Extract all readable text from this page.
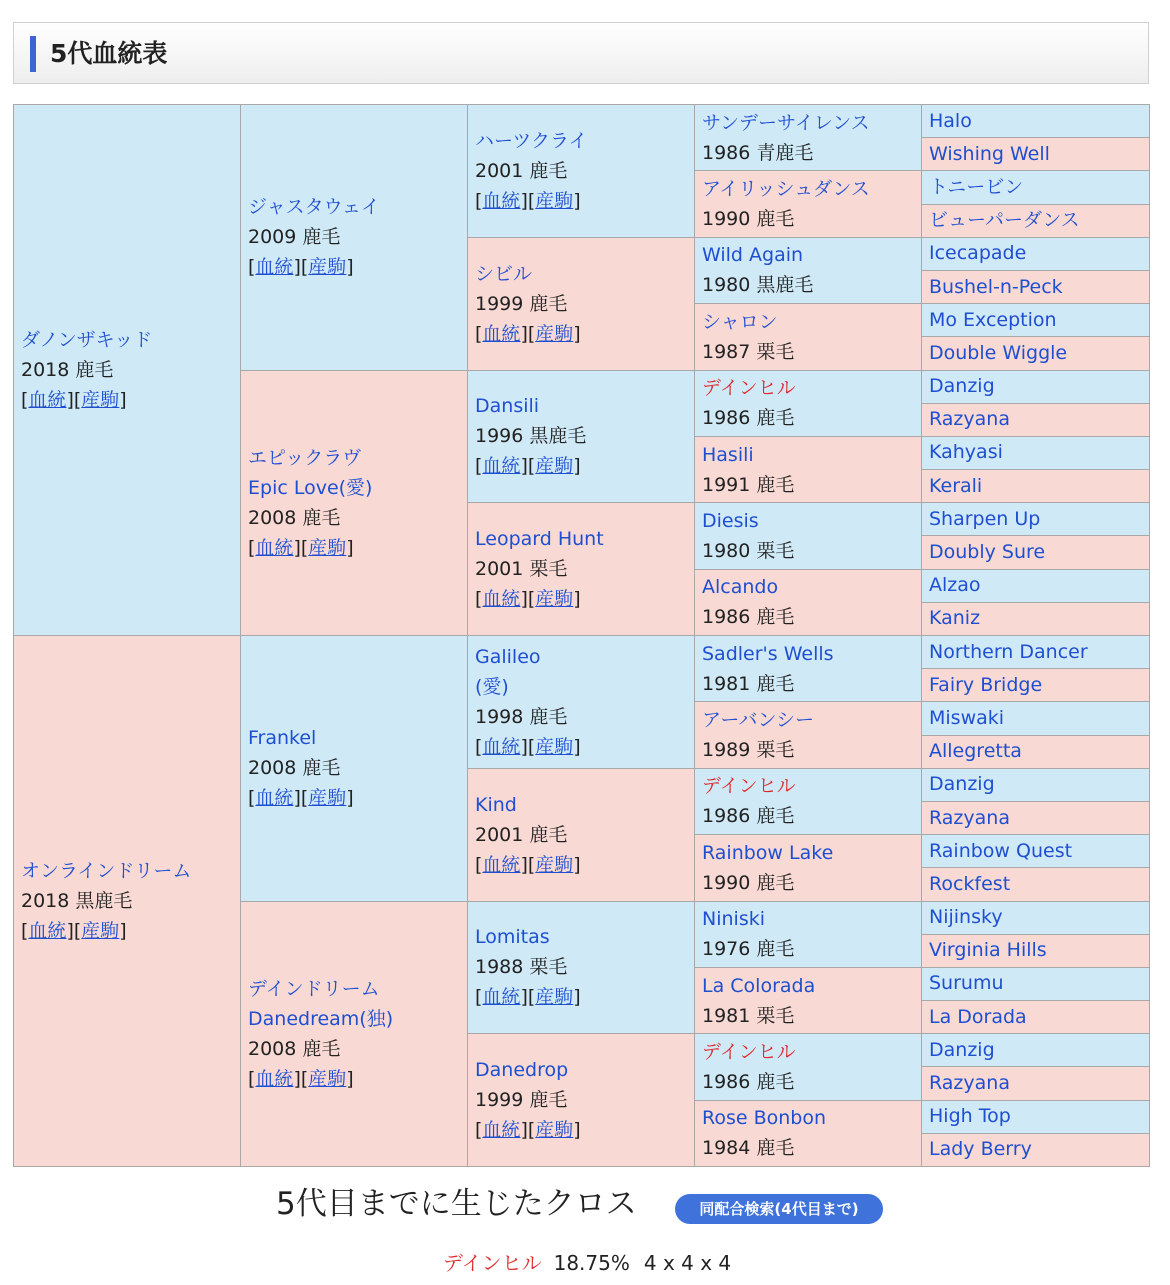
5代血統表
ダノンザキッド
2018 鹿毛
[血統][産駒]	ジャスタウェイ
2009 鹿毛
[血統][産駒]	ハーツクライ
2001 鹿毛
[血統][産駒]	サンデーサイレンス
1986 青鹿毛	Halo

				Wishing Well

			アイリッシュダンス
1990 鹿毛	トニービン

				ビューパーダンス

		シビル
1999 鹿毛
[血統][産駒]	Wild Again
1980 黒鹿毛	Icecapade

				Bushel-n-Peck

			シャロン
1987 栗毛	Mo Exception

				Double Wiggle

	エピックラヴ
Epic Love(愛)
2008 鹿毛
[血統][産駒]	Dansili
1996 黒鹿毛
[血統][産駒]	デインヒル
1986 鹿毛	Danzig

				Razyana

			Hasili
1991 鹿毛	Kahyasi

				Kerali

		Leopard Hunt
2001 栗毛
[血統][産駒]	Diesis
1980 栗毛	Sharpen Up

				Doubly Sure

			Alcando
1986 鹿毛	Alzao

				Kaniz

オンラインドリーム
2018 黒鹿毛
[血統][産駒]	Frankel
2008 鹿毛
[血統][産駒]	Galileo
(愛)
1998 鹿毛
[血統][産駒]	Sadler's Wells
1981 鹿毛	Northern Dancer

				Fairy Bridge

			アーバンシー
1989 栗毛	Miswaki

				Allegretta

		Kind
2001 鹿毛
[血統][産駒]	デインヒル
1986 鹿毛	Danzig

				Razyana

			Rainbow Lake
1990 鹿毛	Rainbow Quest

				Rockfest

	デインドリーム
Danedream(独)
2008 鹿毛
[血統][産駒]	Lomitas
1988 栗毛
[血統][産駒]	Niniski
1976 鹿毛	Nijinsky

				Virginia Hills

			La Colorada
1981 栗毛	Surumu

				La Dorada

		Danedrop
1999 鹿毛
[血統][産駒]	デインヒル
1986 鹿毛	Danzig

				Razyana

			Rose Bonbon
1984 鹿毛	High Top

				Lady Berry
5代目までに生じたクロス	同配合検索(4代目まで)
デインヒル 18.75% 4 x 4 x 4
